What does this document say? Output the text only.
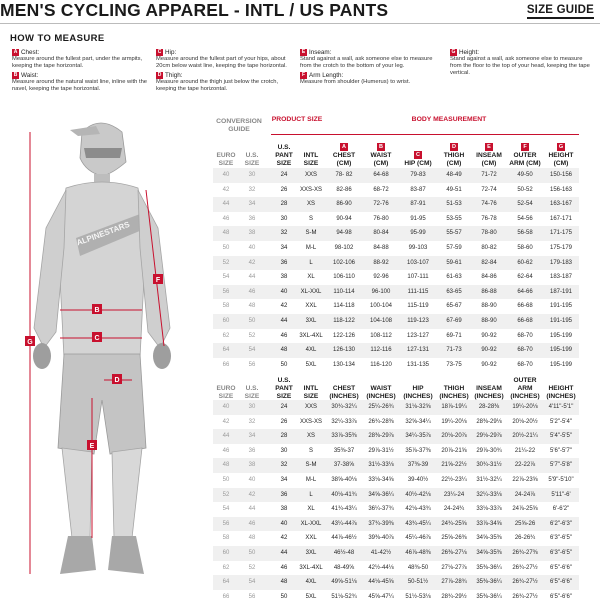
MEN'S CYCLING APPAREL - INTL / US PANTS	SIZE GUIDE
HOW TO MEASURE
A Chest:
Measure around the fullest part, under the armpits, keeping the tape horizontal.
B Waist:
Measure around the natural waist line, inline with the navel, keeping the tape horizontal.
C Hip:
Measure around the fullest part of your hips, about 20cm below waist line, keeping the tape horizontal.
D Thigh:
Measure around the thigh just below the crotch, keeping the tape horizontal.
E Inseam:
Stand against a wall, ask someone else to measure from the crotch to the bottom of your leg.
F Arm Length:
Measure from shoulder (Humerus) to wrist.
G Height:
Stand against a wall, ask someone else to measure from the floor to the top of your head, keeping the tape vertical.
ALPINESTARS
B
C
D
E
F
G
CONVERSION GUIDE
PRODUCT SIZE	BODY MEASUREMENT
EURO SIZE
U.S. SIZE
U.S. PANT SIZE
INTL SIZE
A
CHEST (CM)
B
WAIST (CM)
C
HIP (CM)
D
THIGH (CM)
E
INSEAM (CM)
F
OUTER ARM (CM)
G
HEIGHT (CM)
40	30	24	XXS	78- 82	64-68	79-83	48-49	71-72	49-50	150-156
42	32	26	XXS-XS	82-86	68-72	83-87	49-51	72-74	50-52	156-163
44	34	28	XS	86-90	72-76	87-91	51-53	74-76	52-54	163-167
46	36	30	S	90-94	76-80	91-95	53-55	76-78	54-56	167-171
48	38	32	S-M	94-98	80-84	95-99	55-57	78-80	56-58	171-175
50	40	34	M-L	98-102	84-88	99-103	57-59	80-82	58-60	175-179
52	42	36	L	102-106	88-92	103-107	59-61	82-84	60-62	179-183
54	44	38	XL	106-110	92-96	107-111	61-63	84-86	62-64	183-187
56	46	40	XL-XXL	110-114	96-100	111-115	63-65	86-88	64-66	187-191
58	48	42	XXL	114-118	100-104	115-119	65-67	88-90	66-68	191-195
60	50	44	3XL	118-122	104-108	119-123	67-69	88-90	66-68	191-195
62	52	46	3XL-4XL	122-126	108-112	123-127	69-71	90-92	68-70	195-199
64	54	48	4XL	126-130	112-116	127-131	71-73	90-92	68-70	195-199
66	56	50	5XL	130-134	116-120	131-135	73-75	90-92	68-70	195-199
EURO SIZE
U.S. SIZE
U.S. PANT SIZE
INTL SIZE
CHEST (INCHES)
WAIST (INCHES)
HIP (INCHES)
THIGH (INCHES)
INSEAM (INCHES)
OUTER ARM (INCHES)
HEIGHT (INCHES)
40	30	24	XXS	30¾-32¼	25¼-26¾	31⅛-32⅝	18⅞-19¼	28-28⅜	19¼-20⅛	4'11"-5'1"
42	32	26	XXS-XS	32¼-33⅞	26¾-28⅜	32⅝-34¼	19¼-20⅛	28⅜-29⅛	20⅛-20½	5'2"-5'4"
44	34	28	XS	33⅞-35⅜	28⅜-29⅞	34¼-35⅞	20⅛-20⅞	29⅛-29⅞	20½-21¼	5'4"-5'5"
46	36	30	S	35⅜-37	29⅞-31½	35⅞-37⅜	20⅞-21⅝	29⅞-30¾	21¼-22	5'6"-5'7"
48	38	32	S-M	37-38⅝	31½-33⅛	37⅜-39	21⅝-22½	30¾-31½	22-22⅞	5'7"-5'8"
50	40	34	M-L	38⅝-40⅛	33⅛-34⅝	39-40½	22½-23¼	31½-32¼	22⅞-23⅝	5'9"-5'10"
52	42	36	L	40⅛-41¾	34⅝-36¼	40½-42⅛	23¼-24	32¼-33⅛	24-24⅞	5'11"-6'
54	44	38	XL	41¾-43¼	36¼-37¾	42⅛-43¾	24-24¾	33⅛-33⅞	24⅞-25⅝	6'-6'2"
56	46	40	XL-XXL	43¼-44⅞	37¾-39⅜	43¾-45¼	24¾-25⅝	33⅞-34⅝	25⅝-26	6'2"-6'3"
58	48	42	XXL	44⅞-46½	39⅜-40⅞	45¼-46⅞	25⅝-26⅜	34⅝-35⅜	26-26¾	6'3"-6'5"
60	50	44	3XL	46½-48	41-42½	46⅞-48⅜	26⅜-27⅛	34⅝-35⅜	26¾-27⅜	6'3"-6'5"
62	52	46	3XL-4XL	48-49⅝	42½-44⅛	48⅜-50	27⅛-27⅞	35⅜-36¼	26¾-27½	6'5"-6'6"
64	54	48	4XL	49⅝-51⅛	44⅛-45⅝	50-51½	27⅞-28¾	35⅜-36¼	26¾-27½	6'5"-6'6"
66	56	50	5XL	51⅛-52¾	45⅝-47¼	51½-53⅛	28¾-29½	35⅜-36¼	26¾-27½	6'5"-6'6"
